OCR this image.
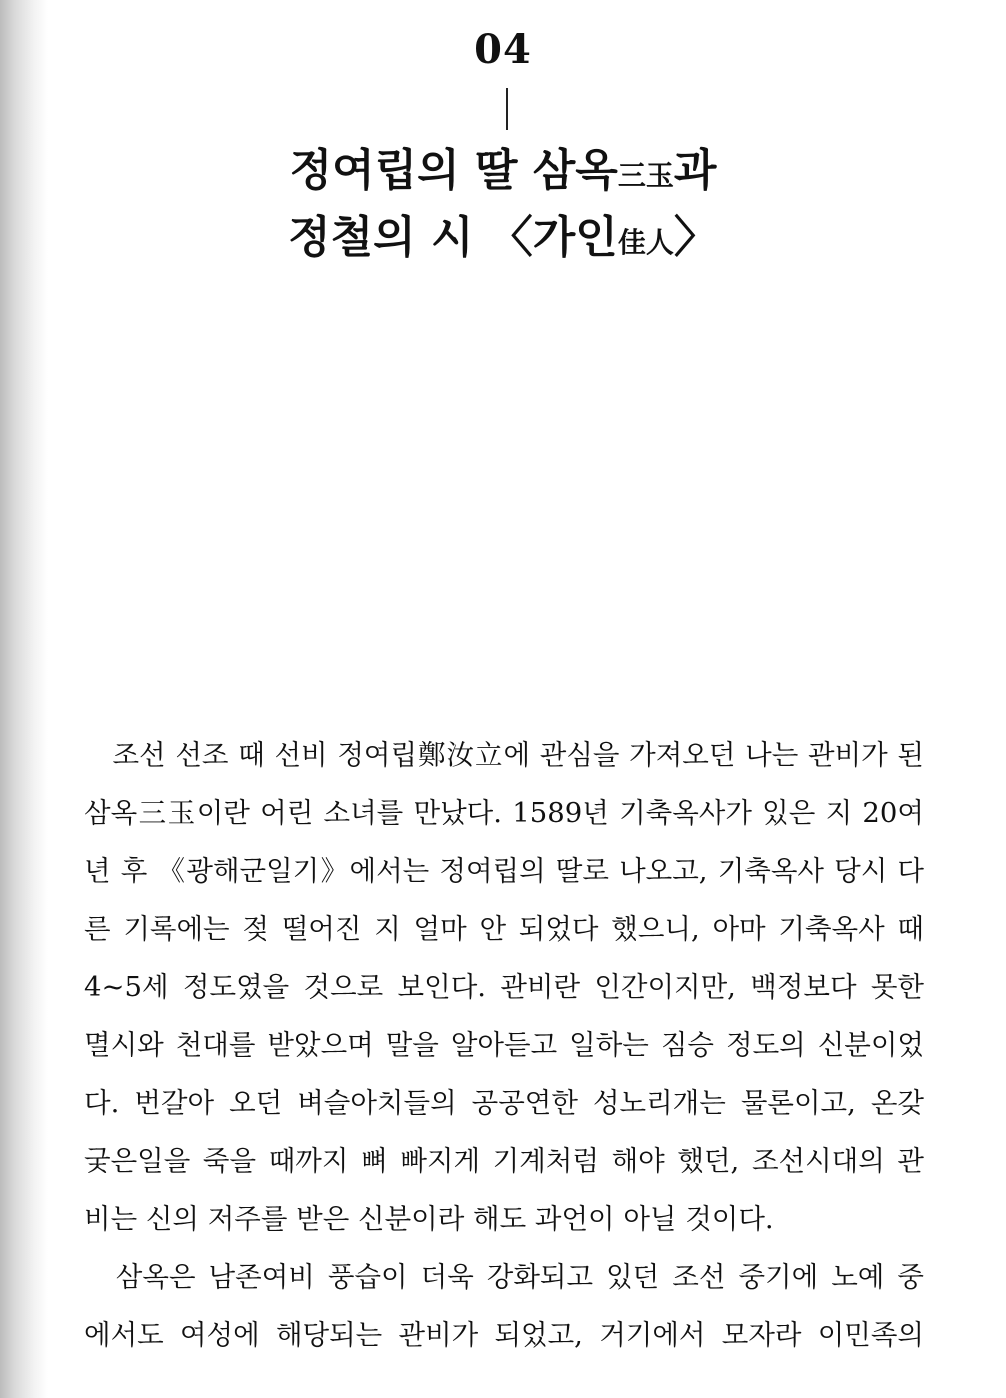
04
정여립의 딸 삼옥三玉과
정철의 시 〈가인佳人〉
　조선 선조 때 선비 정여립鄭汝立에 관심을 가져오던 나는 관비가 된
삼옥三玉이란 어린 소녀를 만났다. 1589년 기축옥사가 있은 지 20여
년 후 《광해군일기》에서는 정여립의 딸로 나오고, 기축옥사 당시 다
른 기록에는 젖 떨어진 지 얼마 안 되었다 했으니, 아마 기축옥사 때
4~5세 정도였을 것으로 보인다. 관비란 인간이지만, 백정보다 못한
멸시와 천대를 받았으며 말을 알아듣고 일하는 짐승 정도의 신분이었
다. 번갈아 오던 벼슬아치들의 공공연한 성노리개는 물론이고, 온갖
궂은일을 죽을 때까지 뼈 빠지게 기계처럼 해야 했던, 조선시대의 관
비는 신의 저주를 받은 신분이라 해도 과언이 아닐 것이다.
　삼옥은 남존여비 풍습이 더욱 강화되고 있던 조선 중기에 노예 중
에서도 여성에 해당되는 관비가 되었고, 거기에서 모자라 이민족의
